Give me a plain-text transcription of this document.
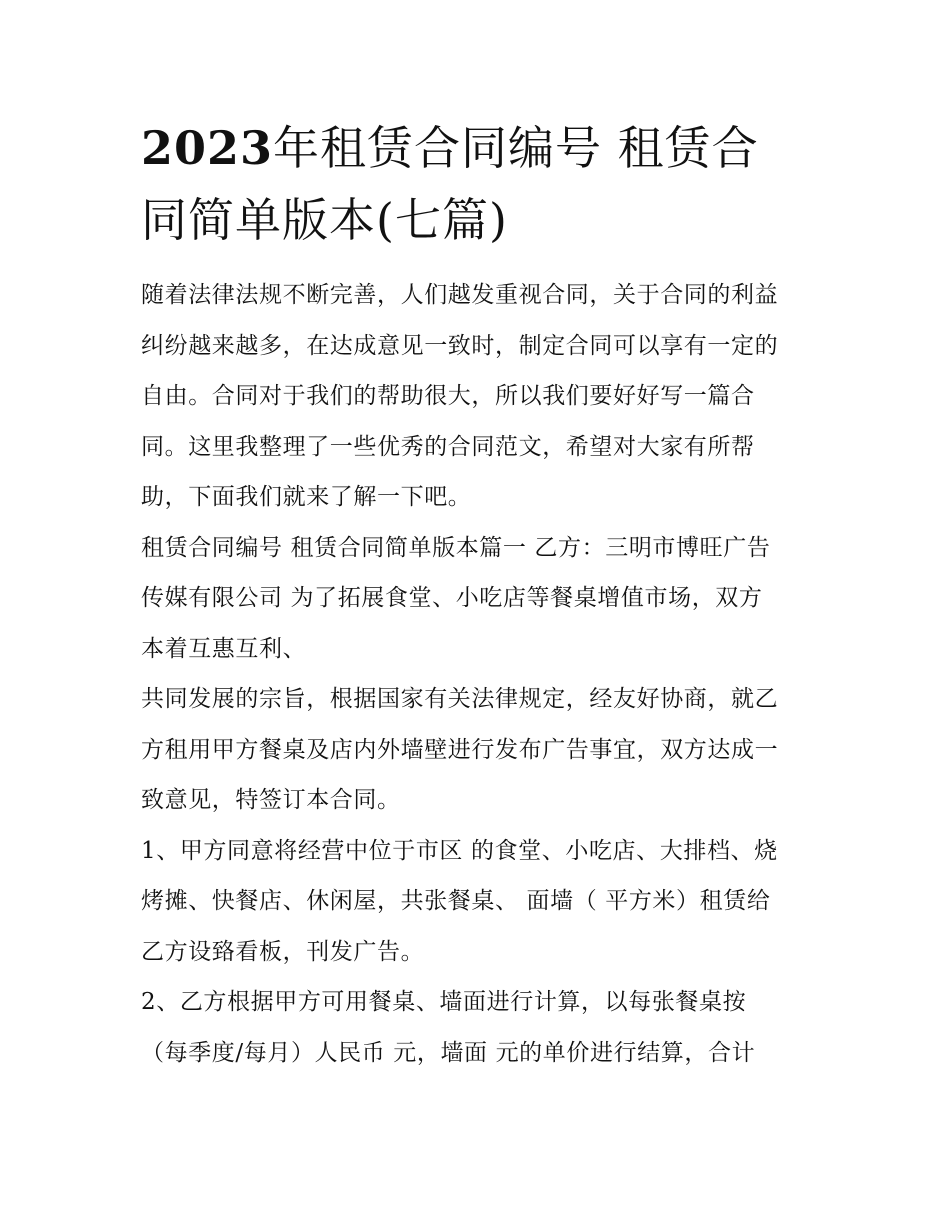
2023年租赁合同编号 租赁合
同简单版本(七篇)
随着法律法规不断完善，人们越发重视合同，关于合同的利益
纠纷越来越多，在达成意见一致时，制定合同可以享有一定的
自由。合同对于我们的帮助很大，所以我们要好好写一篇合
同。这里我整理了一些优秀的合同范文，希望对大家有所帮
助，下面我们就来了解一下吧。
租赁合同编号 租赁合同简单版本篇一 乙方：三明市博旺广告
传媒有限公司 为了拓展食堂、小吃店等餐桌增值市场，双方
本着互惠互利、
共同发展的宗旨，根据国家有关法律规定，经友好协商，就乙
方租用甲方餐桌及店内外墙壁进行发布广告事宜，双方达成一
致意见，特签订本合同。
1、甲方同意将经营中位于市区 的食堂、小吃店、大排档、烧
烤摊、快餐店、休闲屋，共张餐桌、 面墙（ 平方米）租赁给
乙方设臵看板，刊发广告。
2、乙方根据甲方可用餐桌、墙面进行计算，以每张餐桌按
（每季度/每月）人民币 元，墙面 元的单价进行结算，合计
